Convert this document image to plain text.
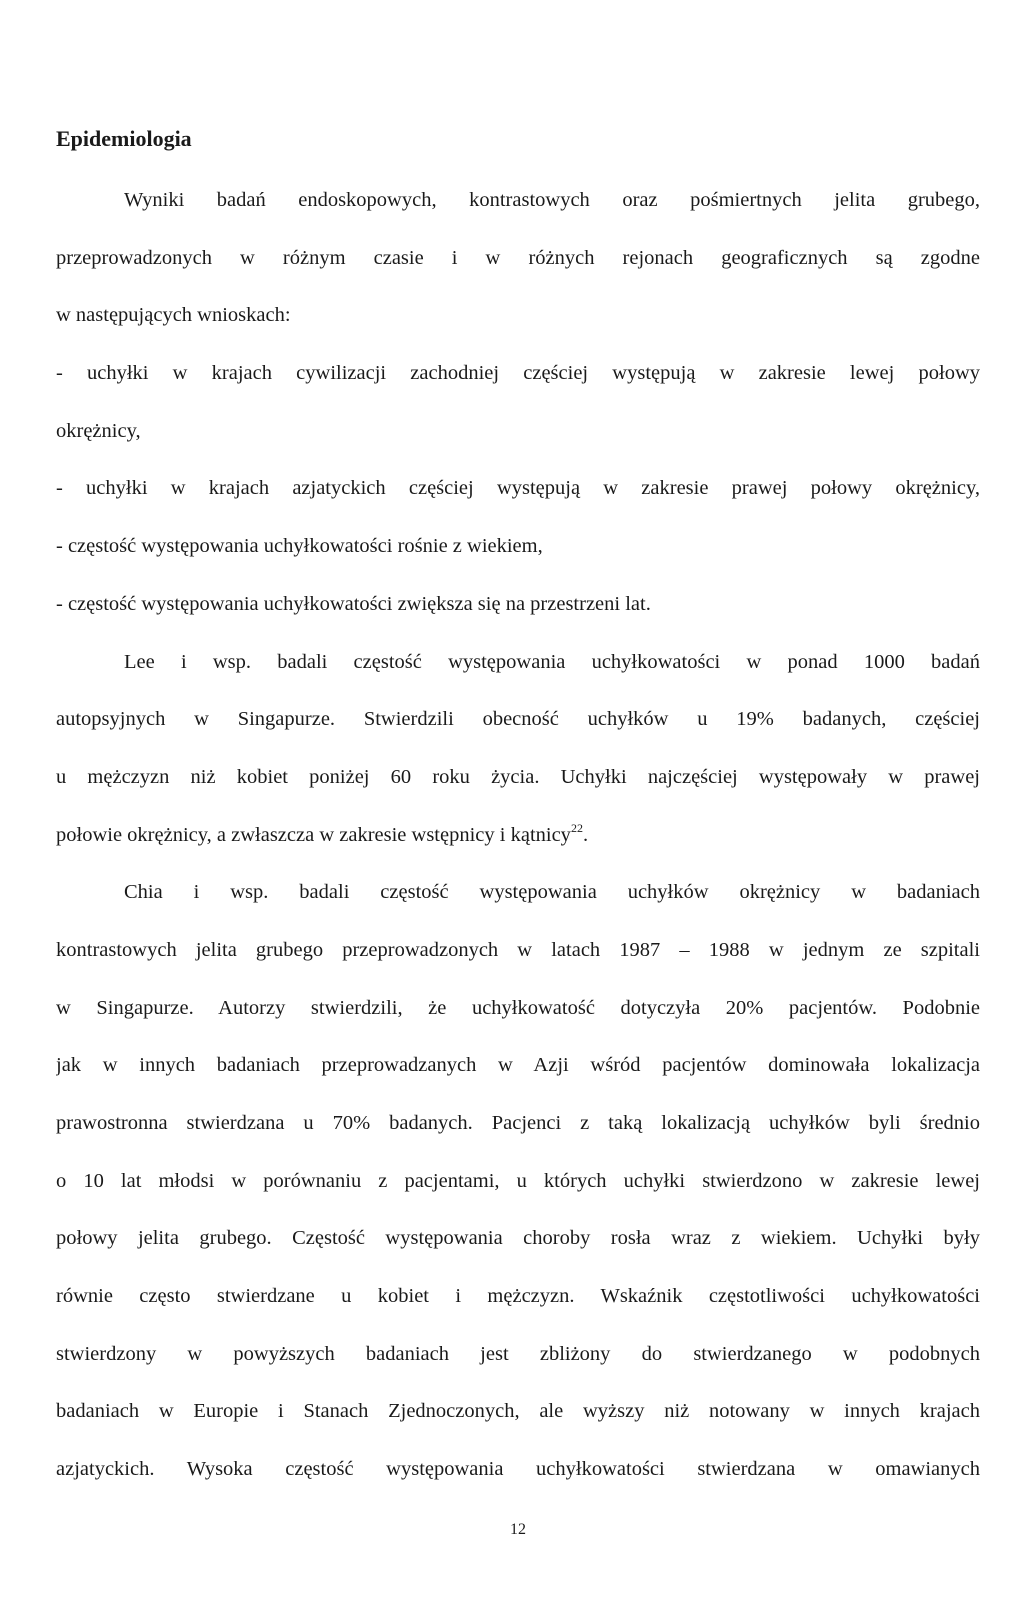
Epidemiologia
Wyniki badań endoskopowych, kontrastowych oraz pośmiertnych jelita grubego,
przeprowadzonych w różnym czasie i w różnych rejonach geograficznych są zgodne
w następujących wnioskach:
- uchyłki w krajach cywilizacji zachodniej częściej występują w zakresie lewej połowy
okrężnicy,
- uchyłki w krajach azjatyckich częściej występują w zakresie prawej połowy okrężnicy,
- częstość występowania uchyłkowatości rośnie z wiekiem,
- częstość występowania uchyłkowatości zwiększa się na przestrzeni lat.
Lee i wsp. badali częstość występowania uchyłkowatości w ponad 1000 badań
autopsyjnych w Singapurze. Stwierdzili obecność uchyłków u 19% badanych, częściej
u mężczyzn niż kobiet poniżej 60 roku życia. Uchyłki najczęściej występowały w prawej
połowie okrężnicy, a zwłaszcza w zakresie wstępnicy i kątnicy$^{22}$.
Chia i wsp. badali częstość występowania uchyłków okrężnicy w badaniach
kontrastowych jelita grubego przeprowadzonych w latach 1987 – 1988 w jednym ze szpitali
w Singapurze. Autorzy stwierdzili, że uchyłkowatość dotyczyła 20% pacjentów. Podobnie
jak w innych badaniach przeprowadzanych w Azji wśród pacjentów dominowała lokalizacja
prawostronna stwierdzana u 70% badanych. Pacjenci z taką lokalizacją uchyłków byli średnio
o 10 lat młodsi w porównaniu z pacjentami, u których uchyłki stwierdzono w zakresie lewej
połowy jelita grubego. Częstość występowania choroby rosła wraz z wiekiem. Uchyłki były
równie często stwierdzane u kobiet i mężczyzn. Wskaźnik częstotliwości uchyłkowatości
stwierdzony w powyższych badaniach jest zbliżony do stwierdzanego w podobnych
badaniach w Europie i Stanach Zjednoczonych, ale wyższy niż notowany w innych krajach
azjatyckich. Wysoka częstość występowania uchyłkowatości stwierdzana w omawianych
12
